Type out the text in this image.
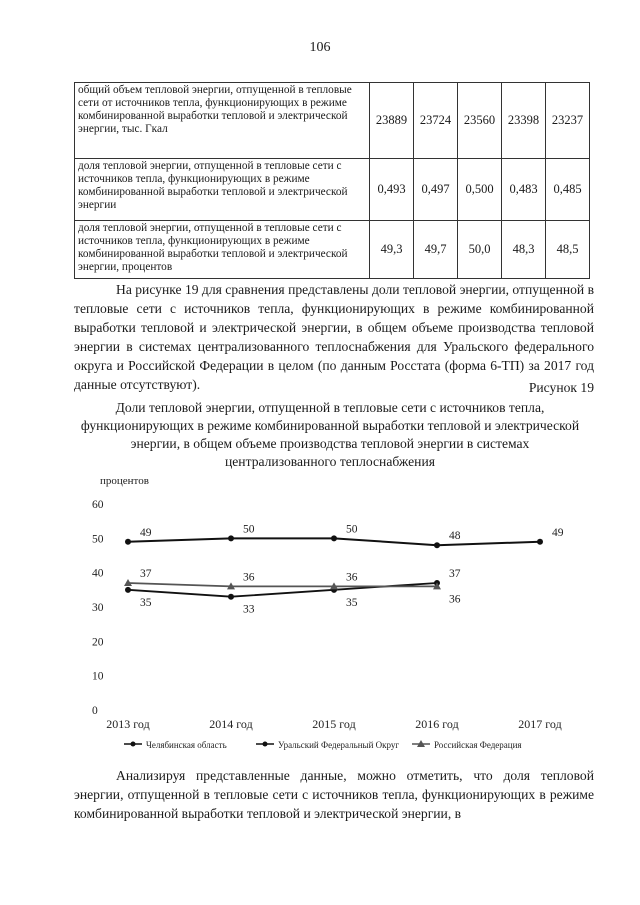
106
общий объем тепловой энергии, отпущенной в тепловые сети от источников тепла, функционирующих в режиме комбинированной выработки тепловой и электрической энергии, тыс. Гкал	23889	23724	23560	23398	23237
доля тепловой энергии, отпущенной в тепловые сети с источников тепла, функционирующих в режиме комбинированной выработки тепловой и электрической энергии	0,493	0,497	0,500	0,483	0,485
доля тепловой энергии, отпущенной в тепловые сети с источников тепла, функционирующих в режиме комбинированной выработки тепловой и электрической энергии, процентов	49,3	49,7	50,0	48,3	48,5
На рисунке 19 для сравнения представлены доли тепловой энергии, отпущенной в тепловые сети с источников тепла, функционирующих в режиме комбинированной выработки тепловой и электрической энергии, в общем объеме производства тепловой энергии в системах централизованного теплоснабжения для Уральского федерального округа и Российской Федерации в целом (по данным Росстата (форма 6-ТП) за 2017 год данные отсутствуют).	Рисунок 19
Доли тепловой энергии, отпущенной в тепловые сети с источников тепла, функционирующих в режиме комбинированной выработки тепловой и электрической энергии, в общем объеме производства тепловой энергии в системах централизованного теплоснабжения
процентов
0
10
20
30
40
50
60
2013 год	2014 год	2015 год	2016 год	2017 год
49	50	50
48	49
35
33
35
37
37	36	36
36
Челябинская область	Уральский Федеральный Округ	Российская Федерация
Анализируя представленные данные, можно отметить, что доля тепловой энергии, отпущенной в тепловые сети с источников тепла, функционирующих в режиме комбинированной выработки тепловой и электрической энергии, в
